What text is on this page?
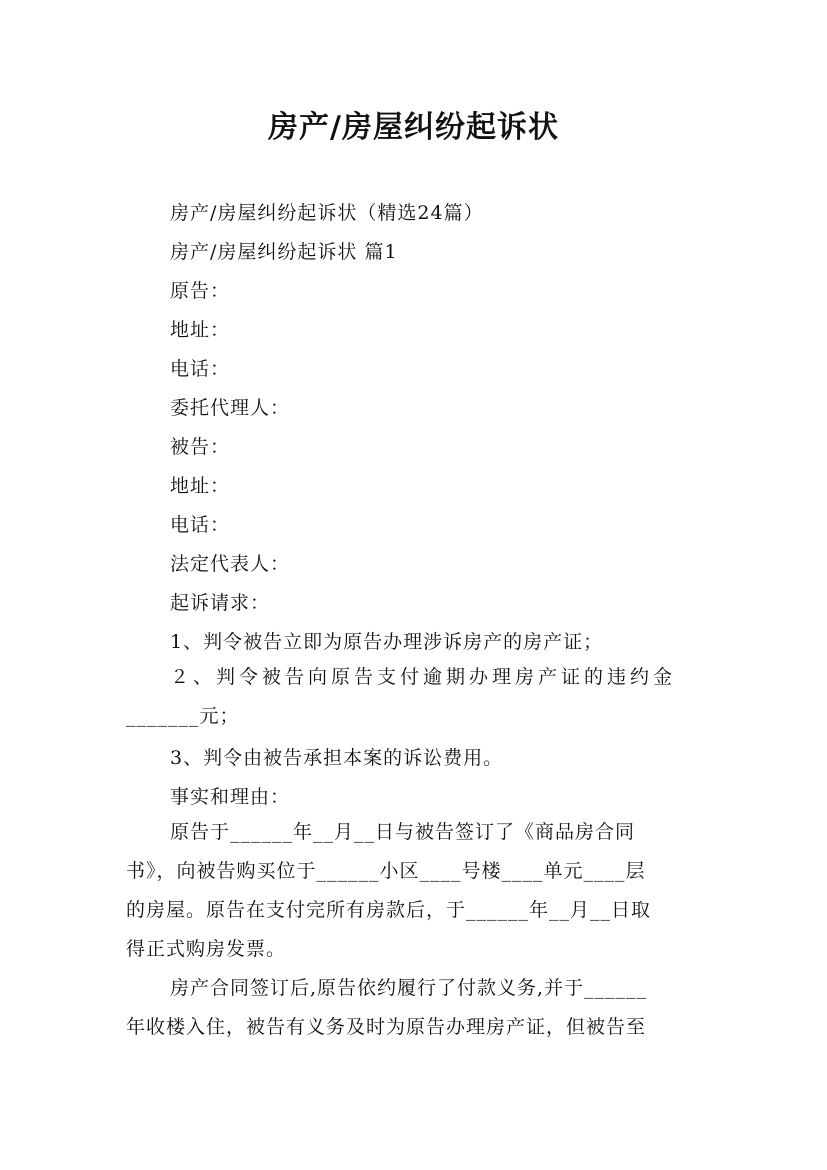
房产/房屋纠纷起诉状
房产/房屋纠纷起诉状（精选24篇）
房产/房屋纠纷起诉状 篇1
原告：
地址：
电话：
委托代理人：
被告：
地址：
电话：
法定代表人：
起诉请求：
1、判令被告立即为原告办理涉诉房产的房产证；

２、判令被告向原告支付逾期办理房产证的违约金

_______元；

3、判令由被告承担本案的诉讼费用。
事实和理由：

原告于______年__月__日与被告签订了《商品房合同

书》，向被告购买位于______小区____号楼____单元____层

的房屋。原告在支付完所有房款后，于______年__月__日取

得正式购房发票。

房产合同签订后,原告依约履行了付款义务,并于______

年收楼入住，被告有义务及时为原告办理房产证，但被告至
